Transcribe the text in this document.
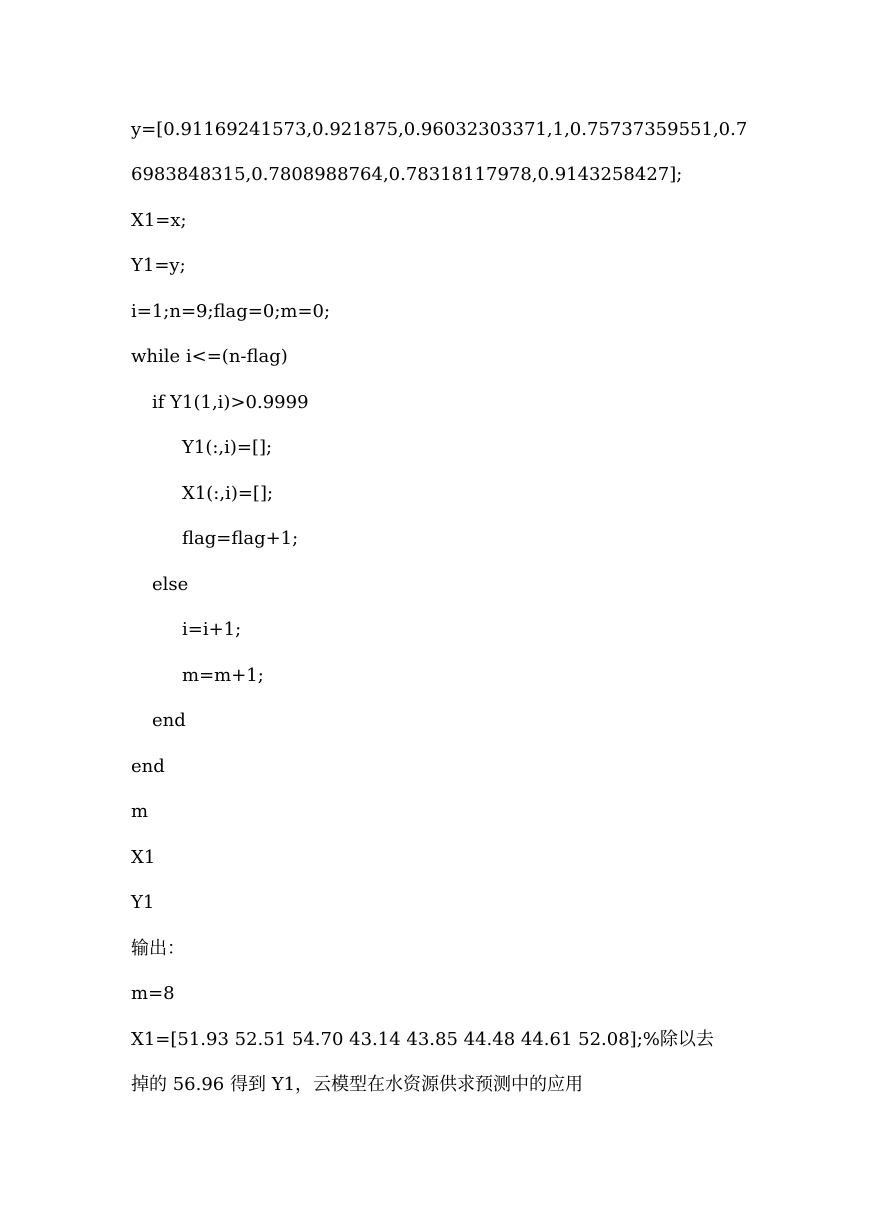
y=[0.91169241573,0.921875,0.96032303371,1,0.75737359551,0.7
6983848315,0.7808988764,0.78318117978,0.9143258427];
X1=x;
Y1=y;
i=1;n=9;flag=0;m=0;
while i<=(n-flag)
if Y1(1,i)>0.9999
Y1(:,i)=[];
X1(:,i)=[];
flag=flag+1;
else
i=i+1;
m=m+1;
end
end
m
X1
Y1
输出：
m=8
X1=[51.93 52.51 54.70 43.14 43.85 44.48 44.61 52.08];%除以去
掉的 56.96 得到 Y1，云模型在水资源供求预测中的应用
